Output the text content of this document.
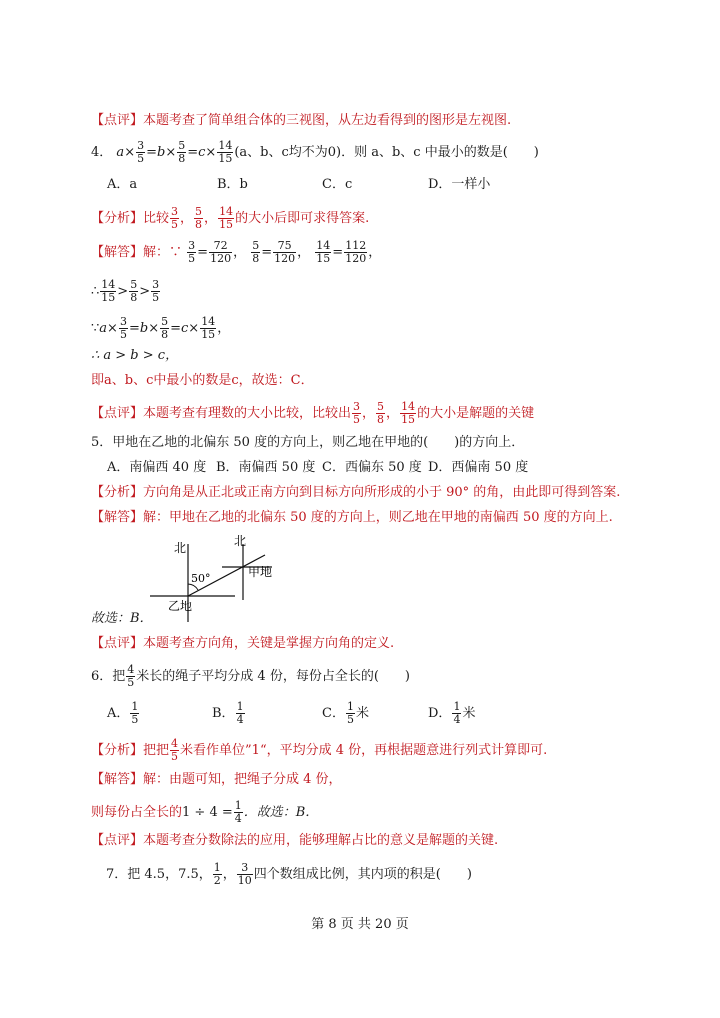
【点评】本题考查了简单组合体的三视图，从左边看得到的图形是左视图.
4． $a\times \frac{3}{5} =b\times \frac{5}{8} =c\times \frac{14}{15} (a$、b、c均不为0)．则 a、b、c 中最小的数是(　　)
A．a	B．b	C．c	D．一样小
【分析】比较 $\frac{3}{5}$ ， $\frac{5}{8}$ ， $\frac{14}{15}$ 的大小后即可求得答案.
【解答】解：∵ $\frac{3}{5} = \frac{72}{120}$ ， $\frac{5}{8} = \frac{75}{120}$ ， $\frac{14}{15} = \frac{112}{120}$ ，
∴ $\frac{14}{15} > \frac{5}{8} > \frac{3}{5}$
∵a× $\frac{3}{5} =b\times \frac{5}{8} =c\times \frac{14}{15}$ ，
∴ a > b > c，
即a、b、c中最小的数是c，故选：C．
【点评】本题考查有理数的大小比较，比较出 $\frac{3}{5}$ ， $\frac{5}{8}$ ， $\frac{14}{15}$ 的大小是解题的关键
5．甲地在乙地的北偏东 50 度的方向上，则乙地在甲地的(　　)的方向上．
A．南偏西 40 度 B．南偏西 50 度 C．西偏东 50 度 D．西偏南 50 度
【分析】方向角是从正北或正南方向到目标方向所形成的小于 90° 的角，由此即可得到答案.
【解答】解：甲地在乙地的北偏东 50 度的方向上，则乙地在甲地的南偏西 50 度的方向上.
北	北
50°	甲地
乙地
故选：B．
【点评】本题考查方向角，关键是掌握方向角的定义.
6．把 $\frac{4}{5}$ 米长的绳子平均分成 4 份，每份占全长的(　　)
A． $\frac{1}{5}$	B． $\frac{1}{4}$	C． $\frac{1}{5}$ 米	D． $\frac{1}{4}$ 米
【分析】把把 $\frac{4}{5}$ 米看作单位”1“，平均分成 4 份，再根据题意进行列式计算即可.
【解答】解：由题可知，把绳子分成 4 份，
则每份占全长的$1 \div 4 = \frac{1}{4}$ ．故选：B．
【点评】本题考查分数除法的应用，能够理解占比的意义是解题的关键.
7．把 4.5，7.5， $\frac{1}{2}$ ， $\frac{3}{10}$ 四个数组成比例，其内项的积是(　　)
第 8 页 共 20 页
